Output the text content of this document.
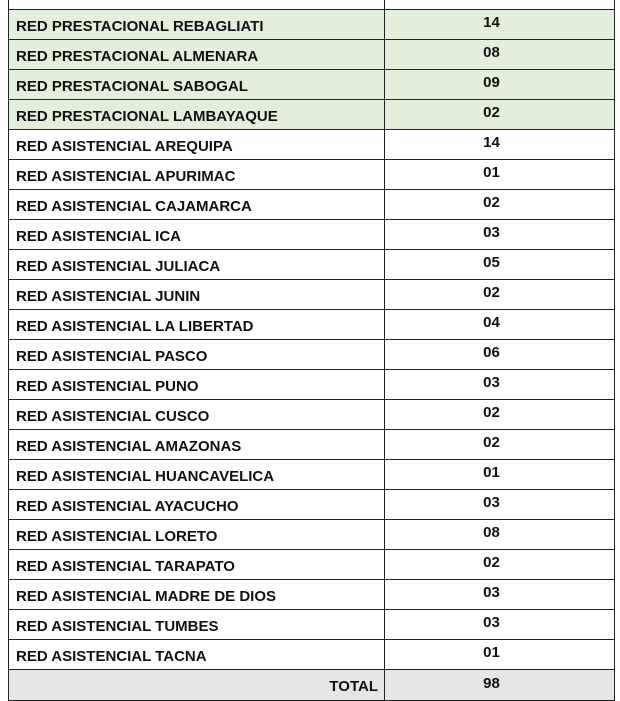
RED PRESTACIONAL REBAGLIATI	14
RED PRESTACIONAL ALMENARA	08
RED PRESTACIONAL SABOGAL	09
RED PRESTACIONAL LAMBAYAQUE	02
RED ASISTENCIAL AREQUIPA	14
RED ASISTENCIAL APURIMAC	01
RED ASISTENCIAL CAJAMARCA	02
RED ASISTENCIAL ICA	03
RED ASISTENCIAL JULIACA	05
RED ASISTENCIAL JUNIN	02
RED ASISTENCIAL LA LIBERTAD	04
RED ASISTENCIAL PASCO	06
RED ASISTENCIAL PUNO	03
RED ASISTENCIAL CUSCO	02
RED ASISTENCIAL AMAZONAS	02
RED ASISTENCIAL HUANCAVELICA	01
RED ASISTENCIAL AYACUCHO	03
RED ASISTENCIAL LORETO	08
RED ASISTENCIAL TARAPATO	02
RED ASISTENCIAL MADRE DE DIOS	03
RED ASISTENCIAL TUMBES	03
RED ASISTENCIAL TACNA	01
TOTAL	98
